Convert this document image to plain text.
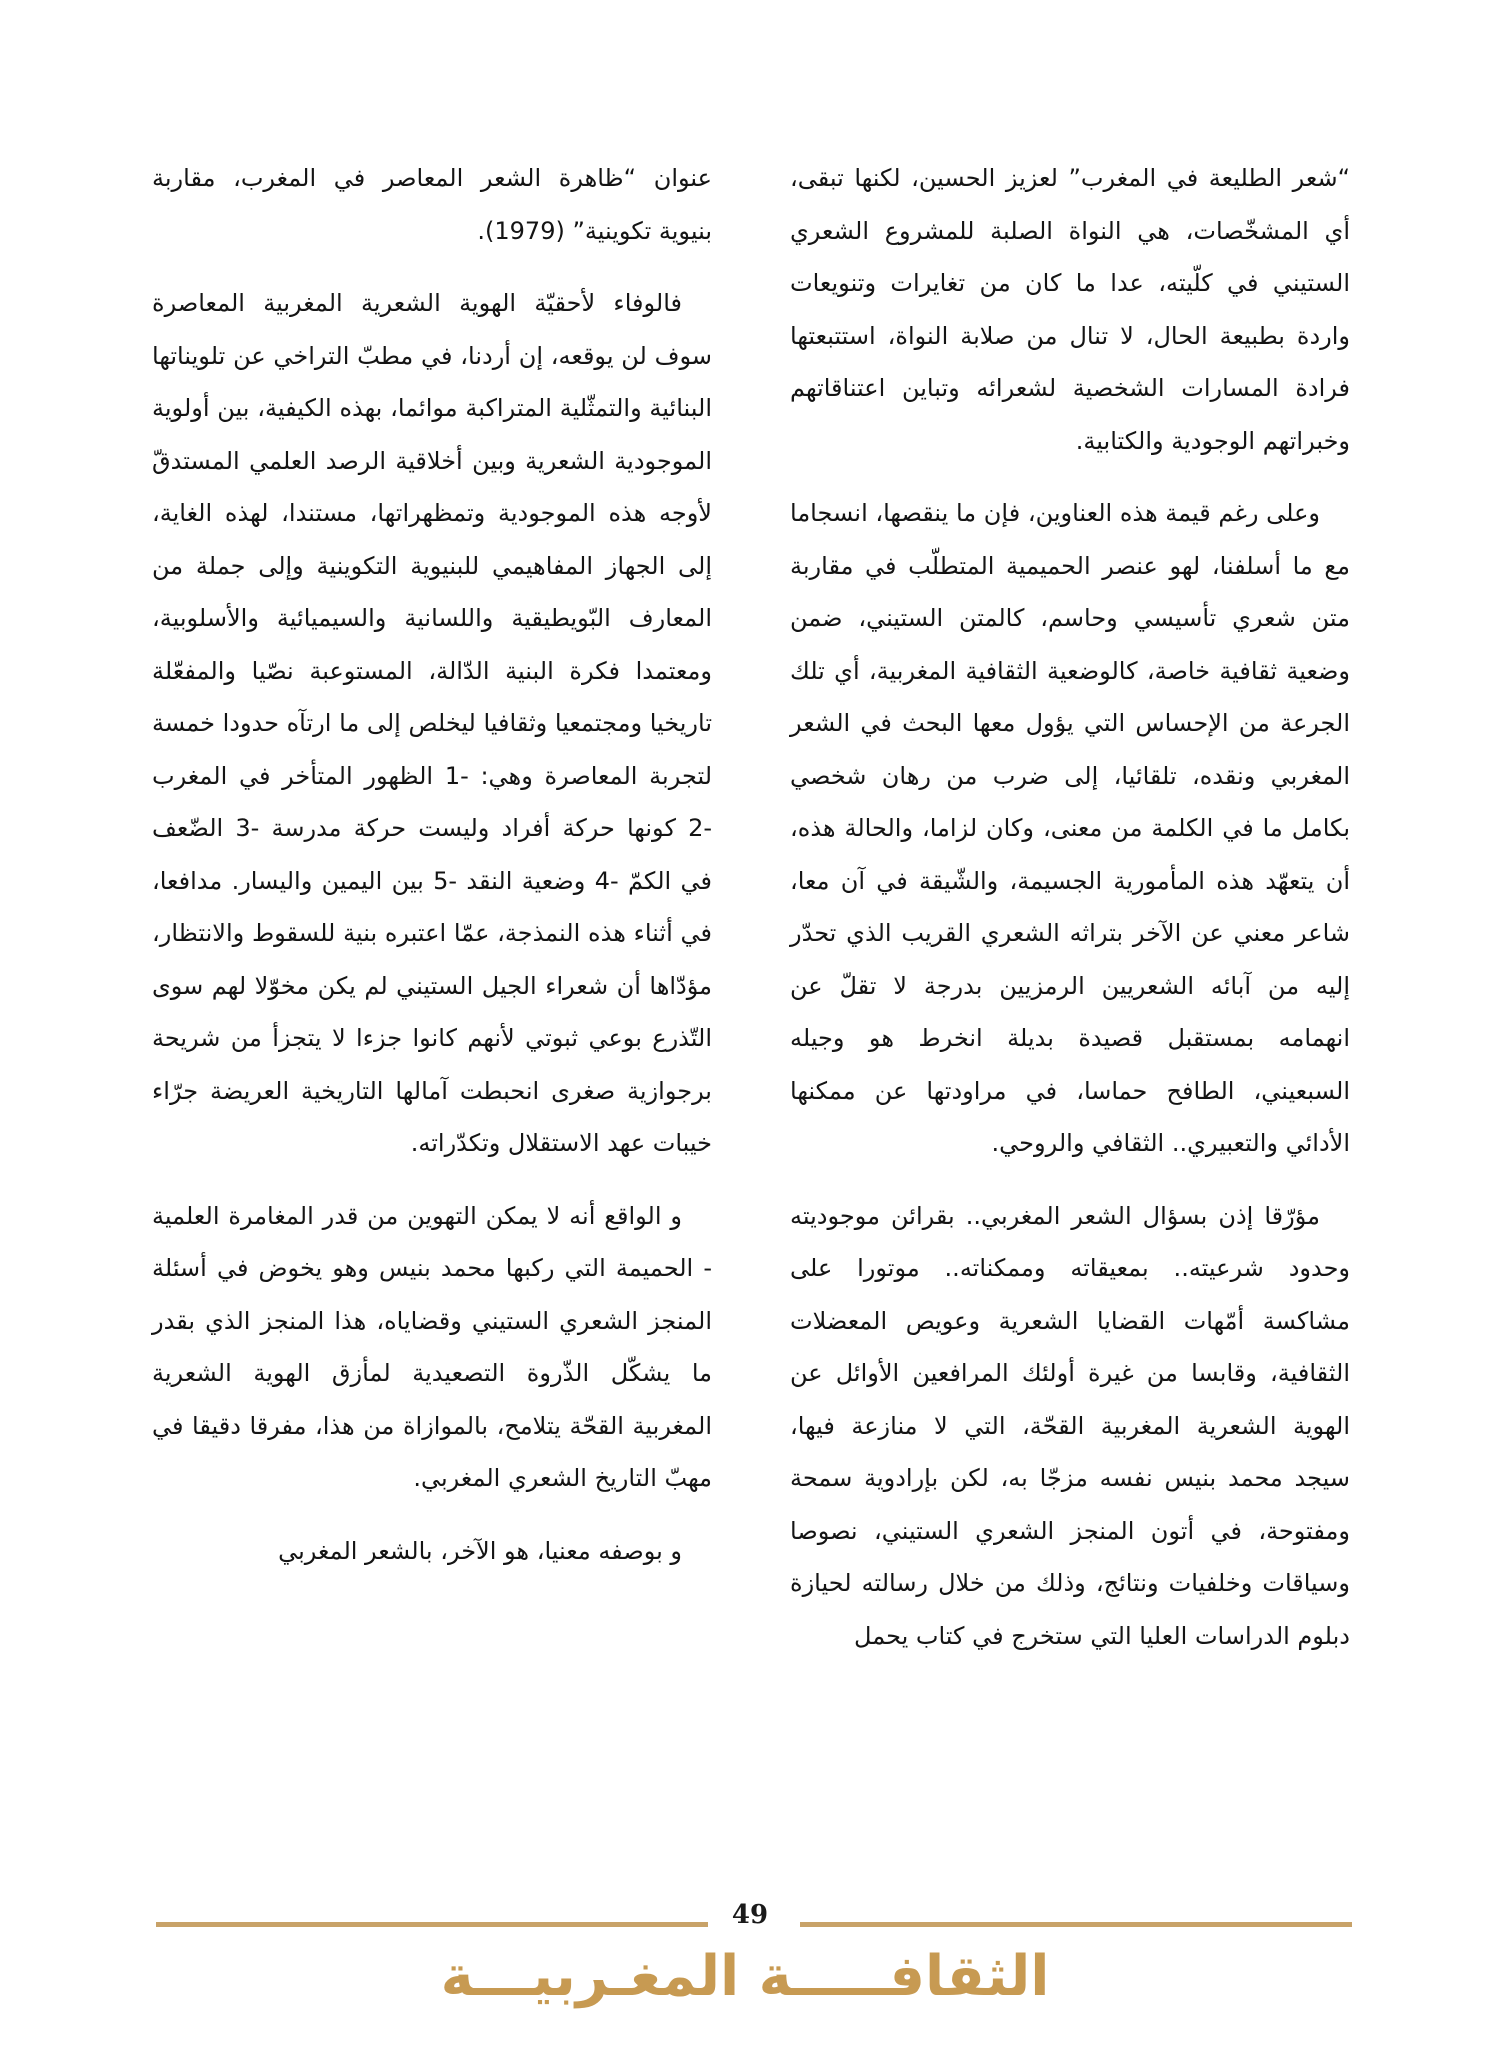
“شعر الطليعة في المغرب” لعزيز الحسين، لكنها تبقى، أي المشخّصات، هي النواة الصلبة للمشروع الشعري الستيني في كلّيته، عدا ما كان من تغايرات وتنويعات واردة بطبيعة الحال، لا تنال من صلابة النواة، استتبعتها فرادة المسارات الشخصية لشعرائه وتباين اعتناقاتهم وخبراتهم الوجودية والكتابية.

وعلى رغم قيمة هذه العناوين، فإن ما ينقصها، انسجاما مع ما أسلفنا، لهو عنصر الحميمية المتطلّب في مقاربة متن شعري تأسيسي وحاسم، كالمتن الستيني، ضمن وضعية ثقافية خاصة، كالوضعية الثقافية المغربية، أي تلك الجرعة من الإحساس التي يؤول معها البحث في الشعر المغربي ونقده، تلقائيا، إلى ضرب من رهان شخصي بكامل ما في الكلمة من معنى، وكان لزاما، والحالة هذه، أن يتعهّد هذه المأمورية الجسيمة، والشّيقة في آن معا، شاعر معني عن الآخر بتراثه الشعري القريب الذي تحدّر إليه من آبائه الشعريين الرمزيين بدرجة لا تقلّ عن انهمامه بمستقبل قصيدة بديلة انخرط هو وجيله السبعيني، الطافح حماسا، في مراودتها عن ممكنها الأدائي والتعبيري.. الثقافي والروحي.

مؤرّقا إذن بسؤال الشعر المغربي.. بقرائن موجوديته وحدود شرعيته.. بمعيقاته وممكناته.. موتورا على مشاكسة أمّهات القضايا الشعرية وعويص المعضلات الثقافية، وقابسا من غيرة أولئك المرافعين الأوائل عن الهوية الشعرية المغربية القحّة، التي لا منازعة فيها، سيجد محمد بنيس نفسه مزجّا به، لكن بإرادوية سمحة ومفتوحة، في أتون المنجز الشعري الستيني، نصوصا وسياقات وخلفيات ونتائج، وذلك من خلال رسالته لحيازة دبلوم الدراسات العليا التي ستخرج في كتاب يحمل

عنوان “ظاهرة الشعر المعاصر في المغرب، مقاربة بنيوية تكوينية” (1979).

فالوفاء لأحقيّة الهوية الشعرية المغربية المعاصرة سوف لن يوقعه، إن أردنا، في مطبّ التراخي عن تلويناتها البنائية والتمثّلية المتراكبة موائما، بهذه الكيفية، بين أولوية الموجودية الشعرية وبين أخلاقية الرصد العلمي المستدقّ لأوجه هذه الموجودية وتمظهراتها، مستندا، لهذه الغاية، إلى الجهاز المفاهيمي للبنيوية التكوينية وإلى جملة من المعارف البّويطيقية واللسانية والسيميائية والأسلوبية، ومعتمدا فكرة البنية الدّالة، المستوعبة نصّيا والمفعّلة تاريخيا ومجتمعيا وثقافيا ليخلص إلى ما ارتآه حدودا خمسة لتجربة المعاصرة وهي: -1 الظهور المتأخر في المغرب -2 كونها حركة أفراد وليست حركة مدرسة -3 الضّعف في الكمّ -4 وضعية النقد -5 بين اليمين واليسار. مدافعا، في أثناء هذه النمذجة، عمّا اعتبره بنية للسقوط والانتظار، مؤدّاها أن شعراء الجيل الستيني لم يكن مخوّلا لهم سوى التّذرع بوعي ثبوتي لأنهم كانوا جزءا لا يتجزأ من شريحة برجوازية صغرى انحبطت آمالها التاريخية العريضة جرّاء خيبات عهد الاستقلال وتكدّراته.

و الواقع أنه لا يمكن التهوين من قدر المغامرة العلمية - الحميمة التي ركبها محمد بنيس وهو يخوض في أسئلة المنجز الشعري الستيني وقضاياه، هذا المنجز الذي بقدر ما يشكّل الذّروة التصعيدية لمأزق الهوية الشعرية المغربية القحّة يتلامح، بالموازاة من هذا، مفرقا دقيقا في مهبّ التاريخ الشعري المغربي.

و بوصفه معنيا، هو الآخر، بالشعر المغربي

49
الثقافـــــة المغـربيـــة
